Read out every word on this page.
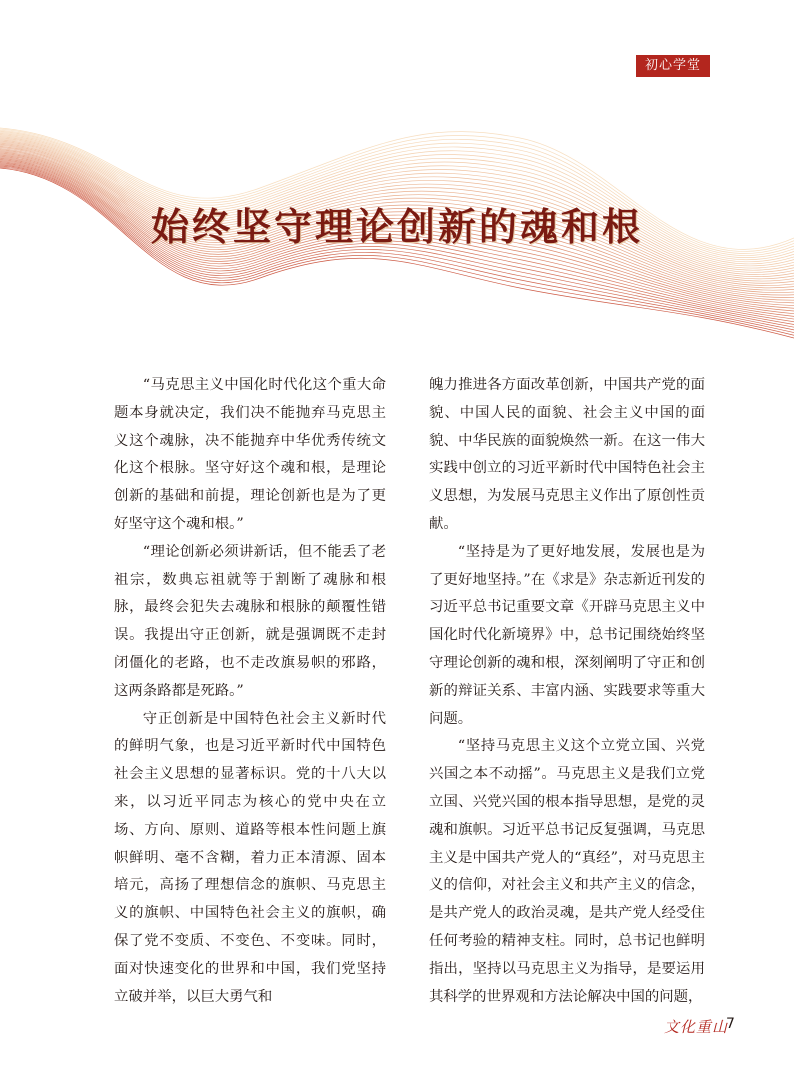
初心学堂
始终坚守理论创新的魂和根

“马克思主义中国化时代化这个重大命题本身就决定，我们决不能抛弃马克思主义这个魂脉，决不能抛弃中华优秀传统文化这个根脉。坚守好这个魂和根，是理论创新的基础和前提，理论创新也是为了更好坚守这个魂和根。”

“理论创新必须讲新话，但不能丢了老祖宗，数典忘祖就等于割断了魂脉和根脉，最终会犯失去魂脉和根脉的颠覆性错误。我提出守正创新，就是强调既不走封闭僵化的老路，也不走改旗易帜的邪路，这两条路都是死路。”

守正创新是中国特色社会主义新时代的鲜明气象，也是习近平新时代中国特色社会主义思想的显著标识。党的十八大以来，以习近平同志为核心的党中央在立场、方向、原则、道路等根本性问题上旗帜鲜明、毫不含糊，着力正本清源、固本培元，高扬了理想信念的旗帜、马克思主义的旗帜、中国特色社会主义的旗帜，确保了党不变质、不变色、不变味。同时，面对快速变化的世界和中国，我们党坚持立破并举，以巨大勇气和

魄力推进各方面改革创新，中国共产党的面貌、中国人民的面貌、社会主义中国的面貌、中华民族的面貌焕然一新。在这一伟大实践中创立的习近平新时代中国特色社会主义思想，为发展马克思主义作出了原创性贡献。

“坚持是为了更好地发展，发展也是为了更好地坚持。”在《求是》杂志新近刊发的习近平总书记重要文章《开辟马克思主义中国化时代化新境界》中，总书记围绕始终坚守理论创新的魂和根，深刻阐明了守正和创新的辩证关系、丰富内涵、实践要求等重大问题。

“坚持马克思主义这个立党立国、兴党兴国之本不动摇”。马克思主义是我们立党立国、兴党兴国的根本指导思想，是党的灵魂和旗帜。习近平总书记反复强调，马克思主义是中国共产党人的“真经”，对马克思主义的信仰，对社会主义和共产主义的信念，是共产党人的政治灵魂，是共产党人经受住任何考验的精神支柱。同时，总书记也鲜明指出，坚持以马克思主义为指导，是要运用其科学的世界观和方法论解决中国的问题，

文化重山
7
